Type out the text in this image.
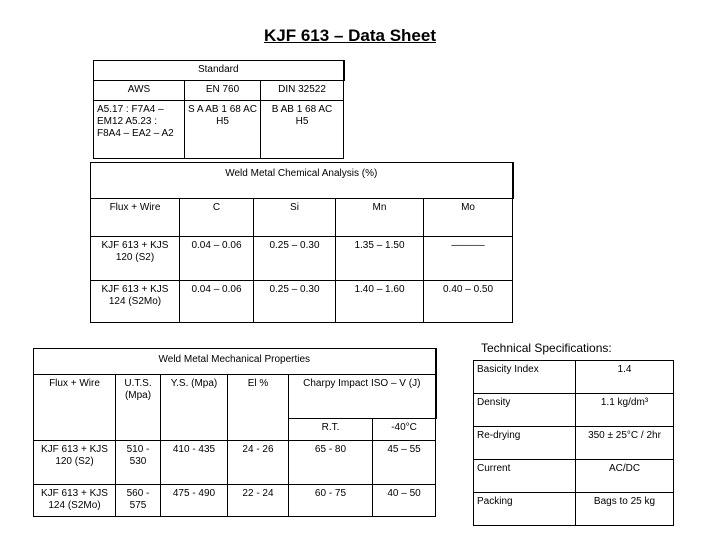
KJF 613 – Data Sheet
Standard		
AWS	EN 760	DIN 32522
A5.17 : F7A4 – EM12 A5.23 : F8A4 – EA2 – A2	S A AB 1 68 AC H5	B AB 1 68 AC H5
Weld Metal Chemical Analysis (%)				
Flux + Wire	C	Si	Mn	Mo
KJF 613 + KJS 120 (S2)	0.04 – 0.06	0.25 – 0.30	1.35 – 1.50	––––––
KJF 613 + KJS 124 (S2Mo)	0.04 – 0.06	0.25 – 0.30	1.40 – 1.60	0.40 – 0.50
Weld Metal Mechanical Properties					
Flux + Wire	U.T.S. (Mpa)	Y.S. (Mpa)	El %	Charpy Impact ISO – V (J)	
				R.T.	-40°C
KJF 613 + KJS 120 (S2)	510 - 530	410 - 435	24 - 26	65 - 80	45 – 55
KJF 613 + KJS 124 (S2Mo)	560 - 575	475 - 490	22 - 24	60 - 75	40 – 50
Technical Specifications:
Basicity Index	1.4
Density	1.1 kg/dm³
Re-drying	350 ± 25°C / 2hr
Current	AC/DC
Packing	Bags to 25 kg
